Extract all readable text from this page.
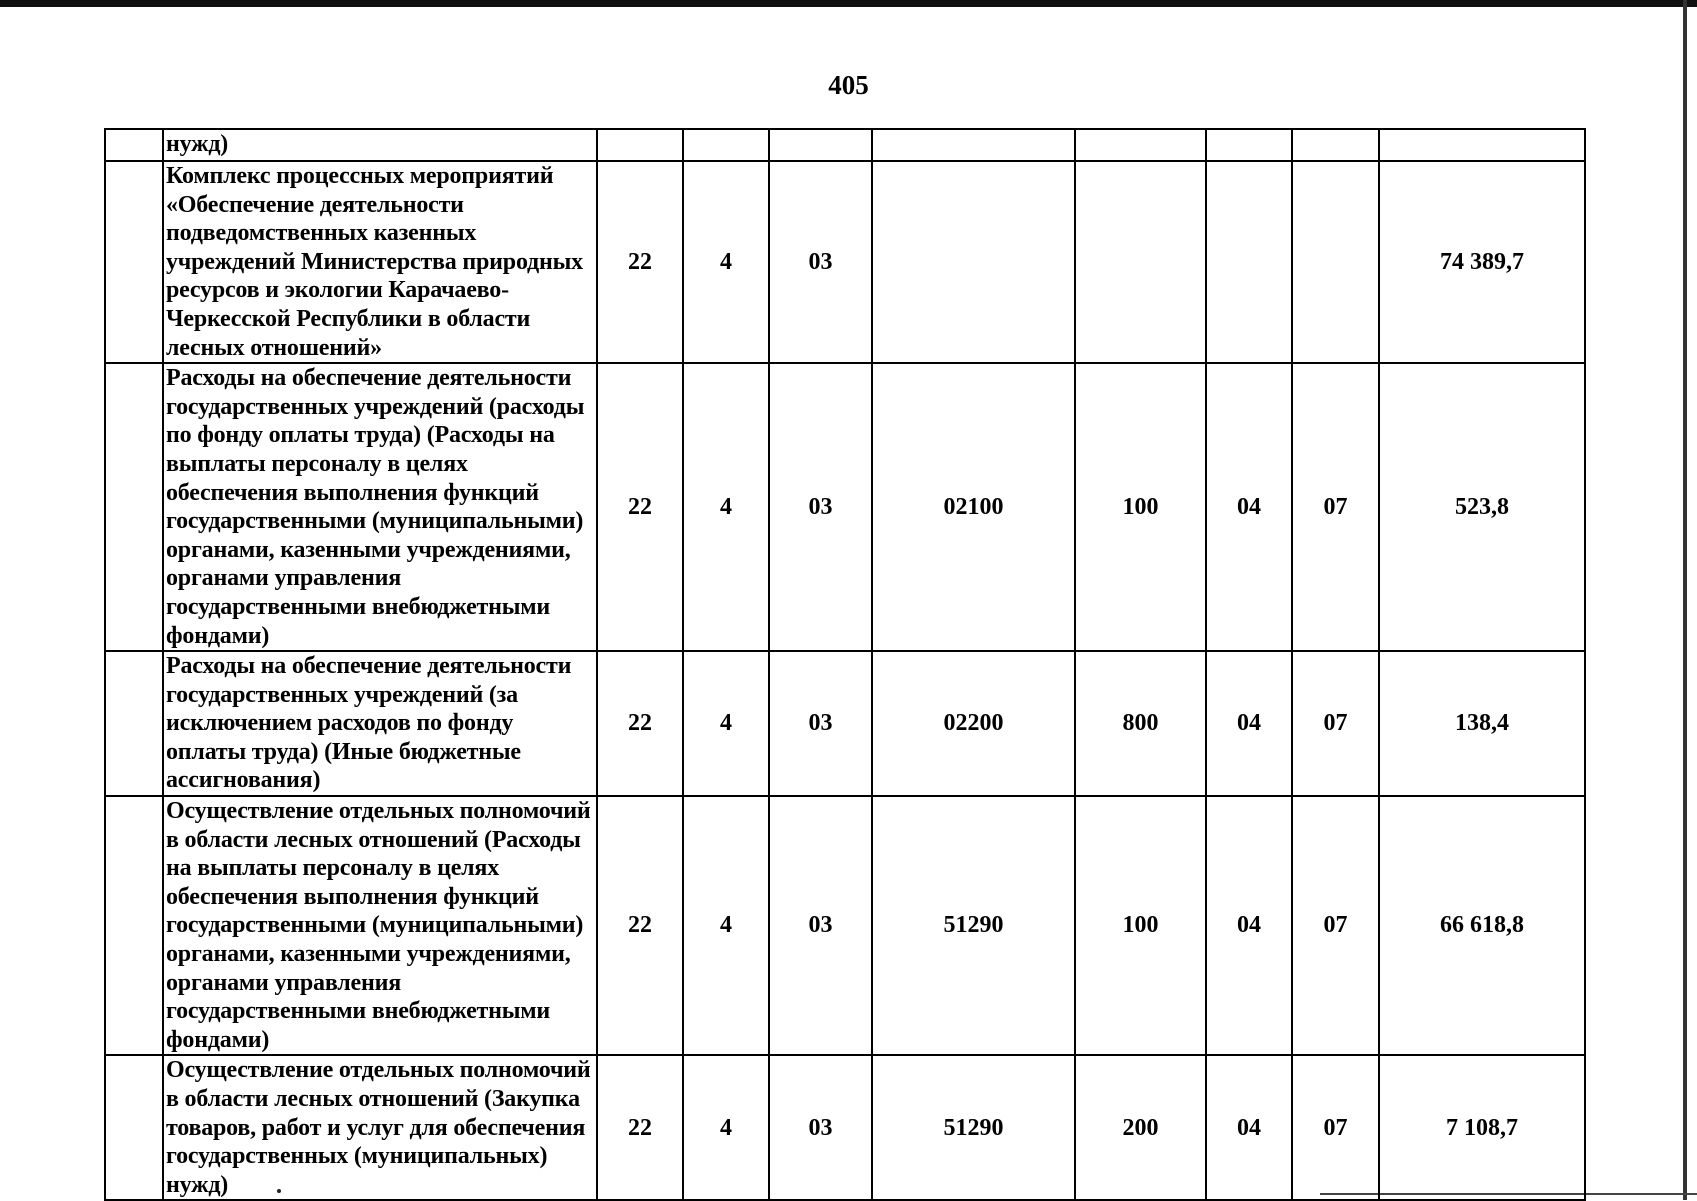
405
	нужд)								
	Комплекс процессных мероприятий «Обеспечение деятельности подведомственных казенных учреждений Министерства природных ресурсов и экологии Карачаево-Черкесской Республики в области лесных отношений»	22	4	03					74 389,7
	Расходы на обеспечение деятельности государственных учреждений (расходы по фонду оплаты труда) (Расходы на выплаты персоналу в целях обеспечения выполнения функций государственными (муниципальными) органами, казенными учреждениями, органами управления государственными внебюджетными фондами)	22	4	03	02100	100	04	07	523,8
	Расходы на обеспечение деятельности государственных учреждений (за исключением расходов по фонду оплаты труда) (Иные бюджетные ассигнования)	22	4	03	02200	800	04	07	138,4
	Осуществление отдельных полномочий в области лесных отношений (Расходы на выплаты персоналу в целях обеспечения выполнения функций государственными (муниципальными) органами, казенными учреждениями, органами управления государственными внебюджетными фондами)	22	4	03	51290	100	04	07	66 618,8
	Осуществление отдельных полномочий в области лесных отношений (Закупка товаров, работ и услуг для обеспечения государственных (муниципальных) нужд)	22	4	03	51290	200	04	07	7 108,7
